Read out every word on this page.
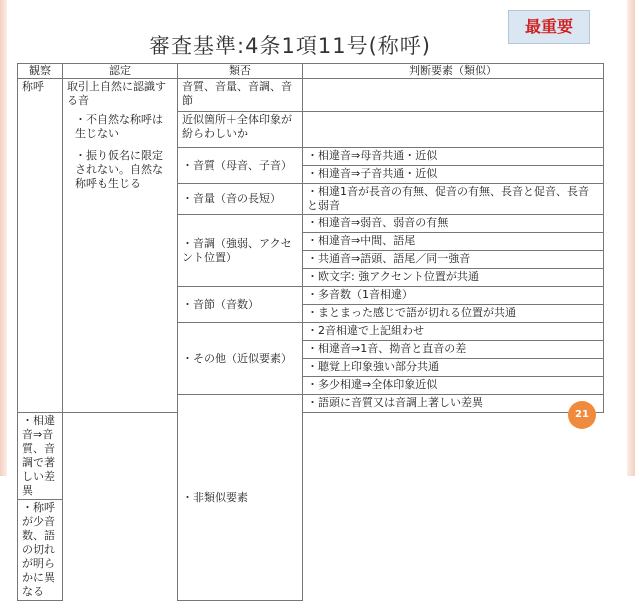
審査基準:4条1項11号(称呼)
最重要
観察	認定	類否	判断要素（類似）
称呼	取引上自然に認識する音	音質、音量、音調、音節	

	・不自然な称呼は生じない	近似箇所＋全体印象が紛らわしいか	

	・振り仮名に限定されない。自然な称呼も生じる	・音質（母音、子音）	・相違音⇒母音共通・近似
			・相違音⇒子音共通・近似
		・音量（音の長短）	・相違1音が長音の有無、促音の有無、長音と促音、長音と弱音
		・音調（強弱、アクセント位置）	・相違音⇒弱音、弱音の有無
			・相違音⇒中間、語尾
			・共通音⇒語頭、語尾／同一強音
			・欧文字: 強アクセント位置が共通
		・音節（音数）	・多音数（1音相違）
			・まとまった感じで語が切れる位置が共通
		・その他（近似要素）	・2音相違で上記組わせ
			・相違音⇒1音、拗音と直音の差
			・聴覚上印象強い部分共通
			・多少相違⇒全体印象近似
		・非類似要素	・語頭に音質又は音調上著しい差異
・相違音⇒音質、音調で著しい差異			
・称呼が少音数、語の切れが明らかに異なる			
21
